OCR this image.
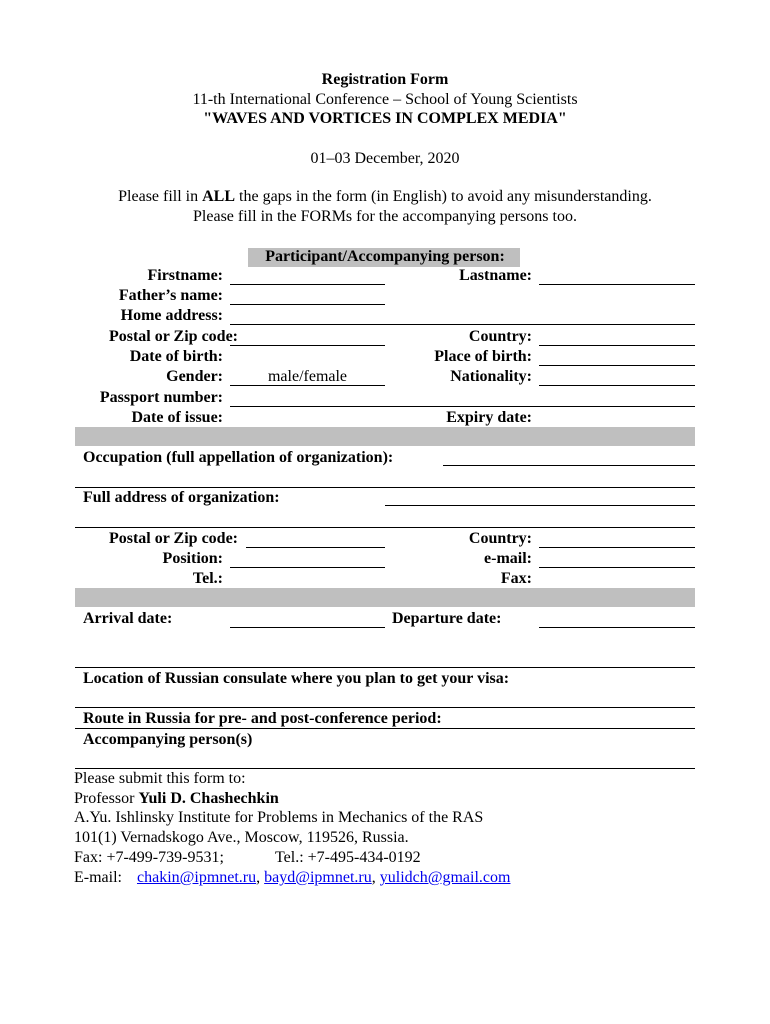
Registration Form
11-th International Conference – School of Young Scientists
"WAVES AND VORTICES IN COMPLEX MEDIA"
01–03 December, 2020
Please fill in ALL the gaps in the form (in English) to avoid any misunderstanding.
Please fill in the FORMs for the accompanying persons too.
Participant/Accompanying person:
Firstname:	Lastname:
Father’s name:
Home address:
Postal or Zip code:	Country:
Date of birth:	Place of birth:
Gender:	male/female	Nationality:
Passport number:
Date of issue:	Expiry date:
Occupation (full appellation of organization):
Full address of organization:
Postal or Zip code:	Country:
Position:	e-mail:
Tel.:	Fax:
Arrival date:	Departure date:
Location of Russian consulate where you plan to get your visa:
Route in Russia for pre- and post-conference period:
Accompanying person(s)
Please submit this form to:
Professor Yuli D. Chashechkin
A.Yu. Ishlinsky Institute for Problems in Mechanics of the RAS
101(1) Vernadskogo Ave., Moscow, 119526, Russia.
Fax: +7-499-739-9531;	Tel.: +7-495-434-0192
E-mail: chakin@ipmnet.ru, bayd@ipmnet.ru, yulidch@gmail.com
